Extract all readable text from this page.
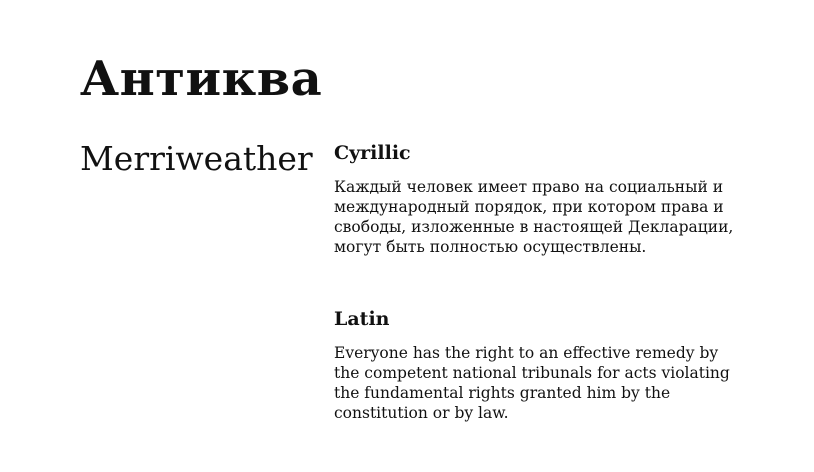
Антиква
Merriweather Cyrillic

Каждый человек имеет право на социальный и международный порядок, при котором права и свободы, изложенные в настоящей Декларации, могут быть полностью осуществлены.

Latin

Everyone has the right to an effective remedy by the competent national tribunals for acts violating the fundamental rights granted him by the constitution or by law.
